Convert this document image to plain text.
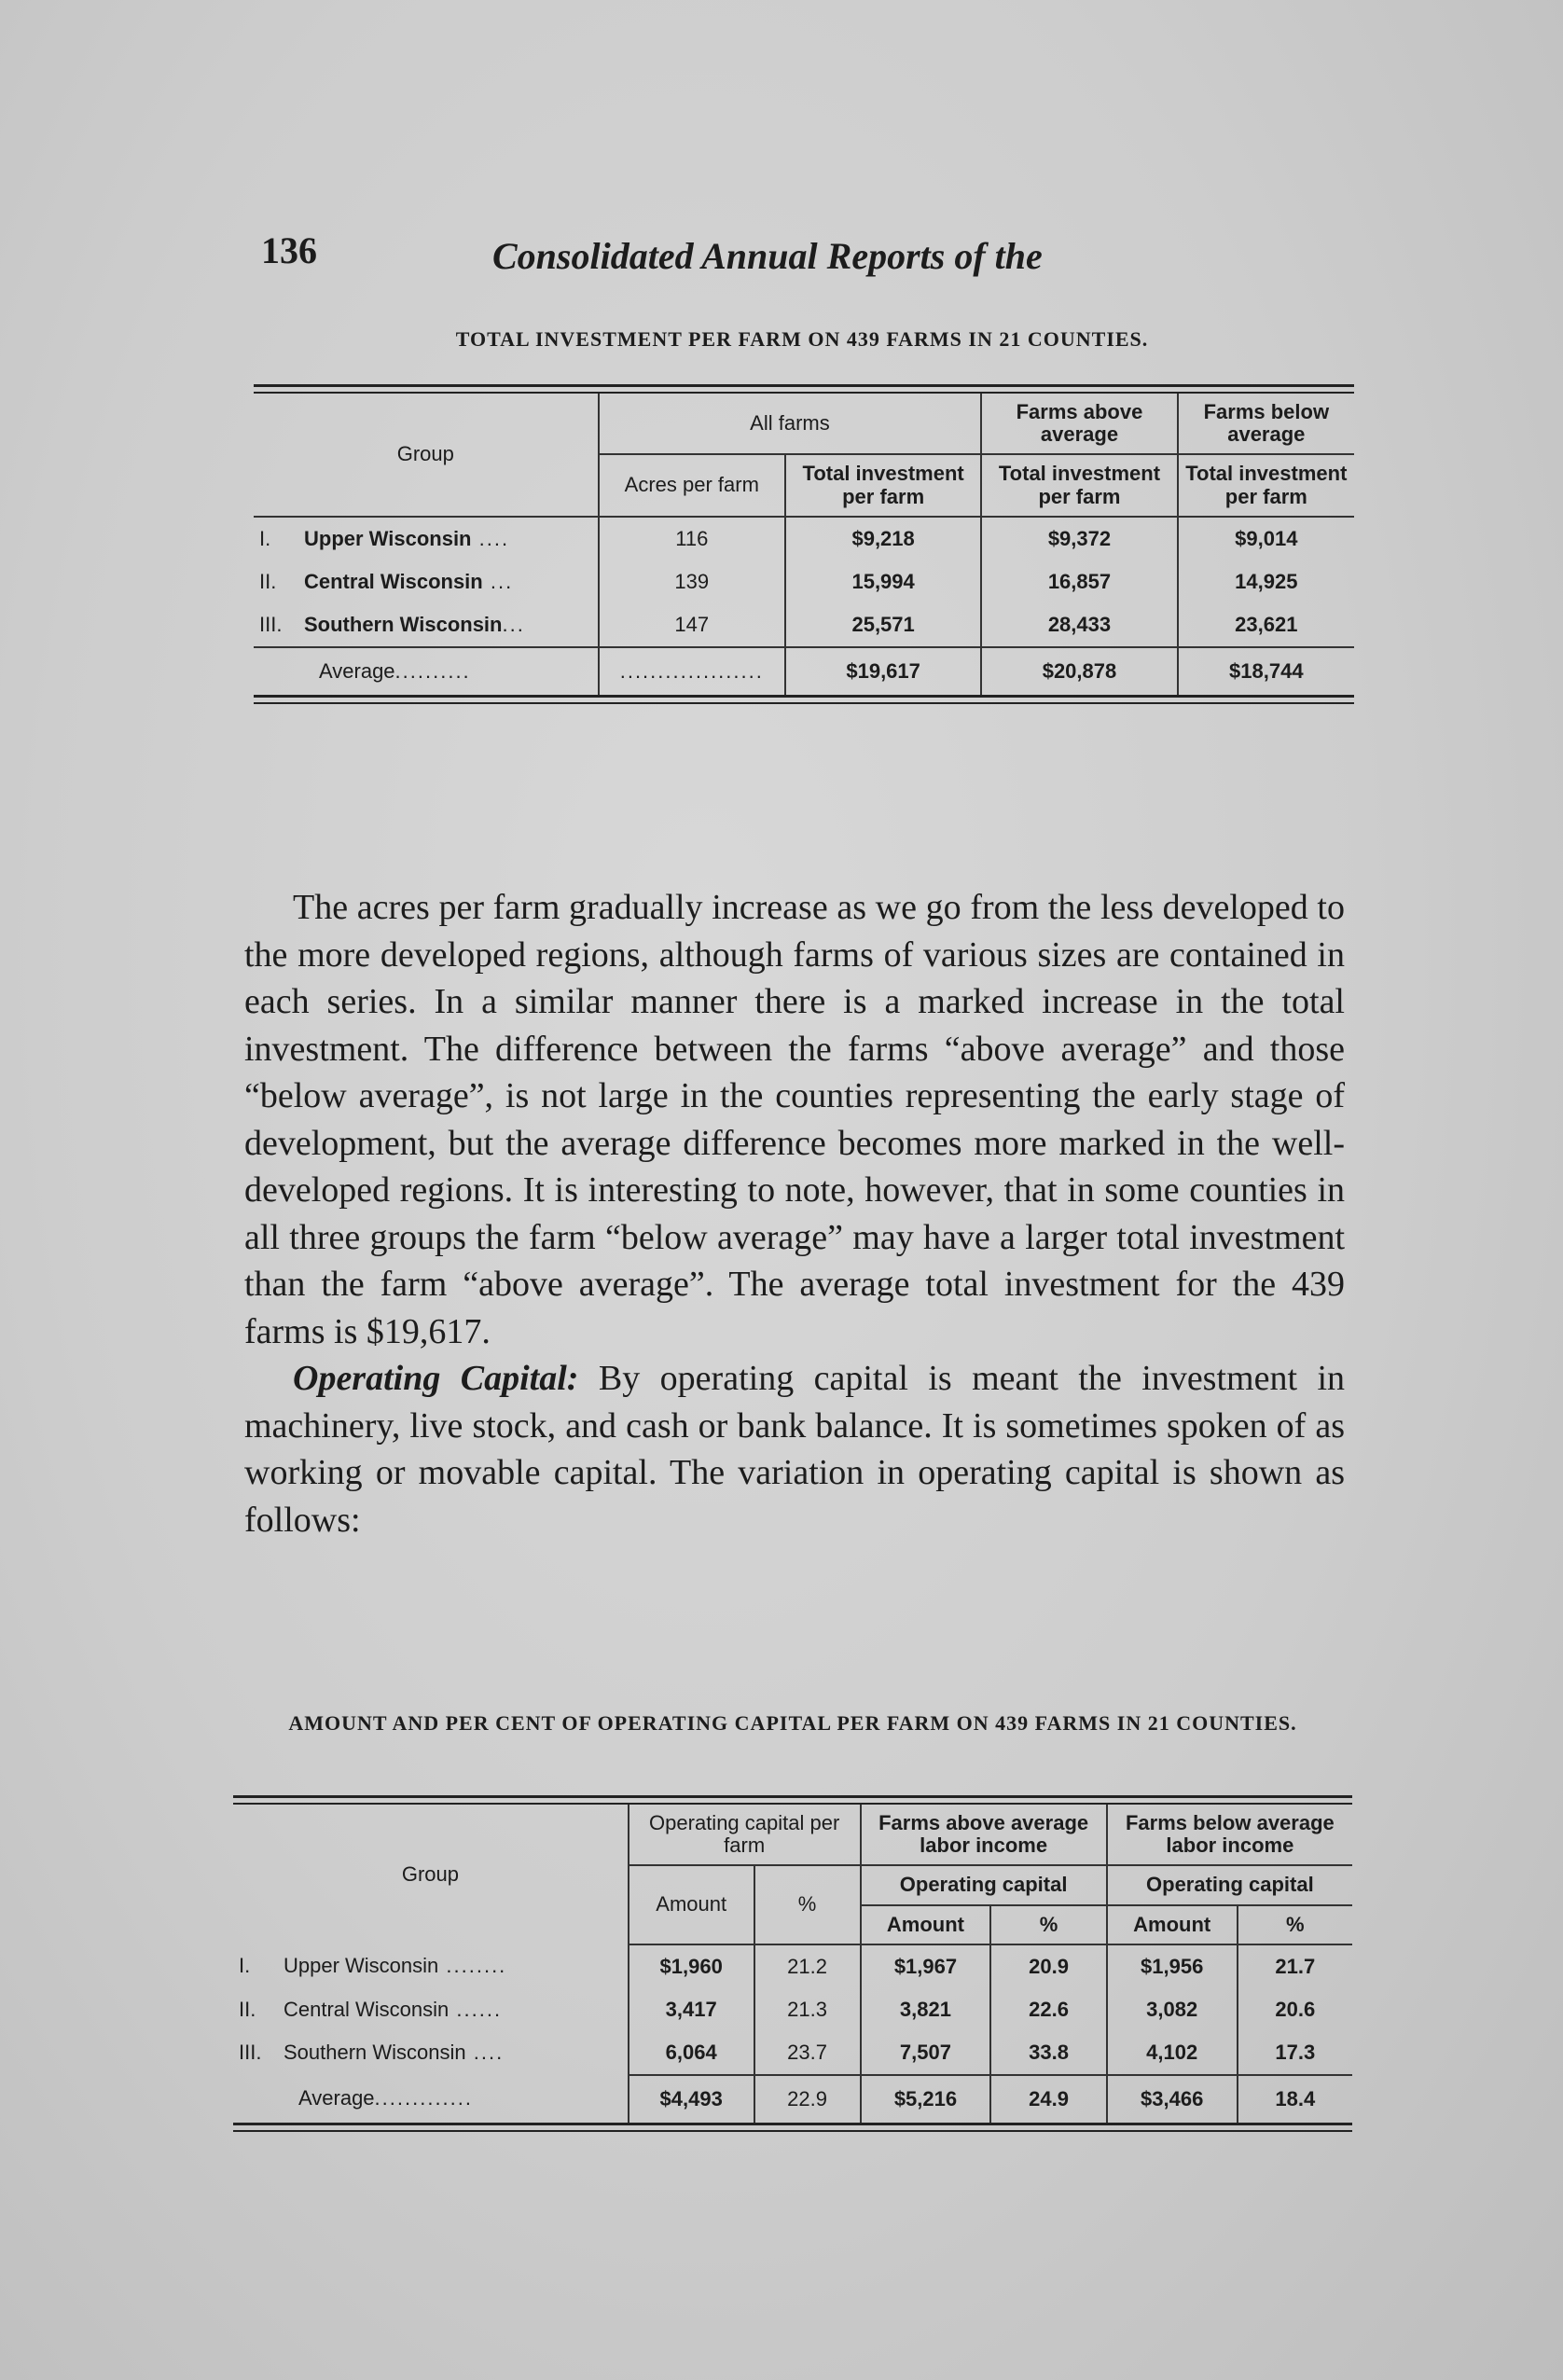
136	Consolidated Annual Reports of the
TOTAL INVESTMENT PER FARM ON 439 FARMS IN 21 COUNTIES.
Group	All farms		Farms above average	Farms below average
	Acres per farm	Total investment per farm	Total investment per farm	Total investment per farm
I. Upper Wisconsin ....	116	$9,218	$9,372	$9,014
II. Central Wisconsin ...	139	15,994	16,857	14,925
III. Southern Wisconsin...	147	25,571	28,433	23,621
Average..........	...................	$19,617	$20,878	$18,744

The acres per farm gradually increase as we go from the less developed to the more developed regions, although farms of various sizes are contained in each series. In a similar manner there is a marked increase in the total investment. The difference between the farms “above average” and those “below average”, is not large in the counties representing the early stage of development, but the average difference becomes more marked in the well-developed regions. It is interesting to note, however, that in some counties in all three groups the farm “below average” may have a larger total investment than the farm “above average”. The average total investment for the 439 farms is $19,617.

Operating Capital: By operating capital is meant the investment in machinery, live stock, and cash or bank balance. It is sometimes spoken of as working or movable capital. The variation in operating capital is shown as follows:

AMOUNT AND PER CENT OF OPERATING CAPITAL PER FARM ON 439 FARMS IN 21 COUNTIES.
Group	Operating capital per farm		Farms above average labor income		Farms below average labor income	
	Amount	%	Operating capital		Operating capital	
			Amount	%	Amount	%
I. Upper Wisconsin ........	$1,960	21.2	$1,967	20.9	$1,956	21.7
II. Central Wisconsin ......	3,417	21.3	3,821	22.6	3,082	20.6
III. Southern Wisconsin ....	6,064	23.7	7,507	33.8	4,102	17.3
Average.............	$4,493	22.9	$5,216	24.9	$3,466	18.4
